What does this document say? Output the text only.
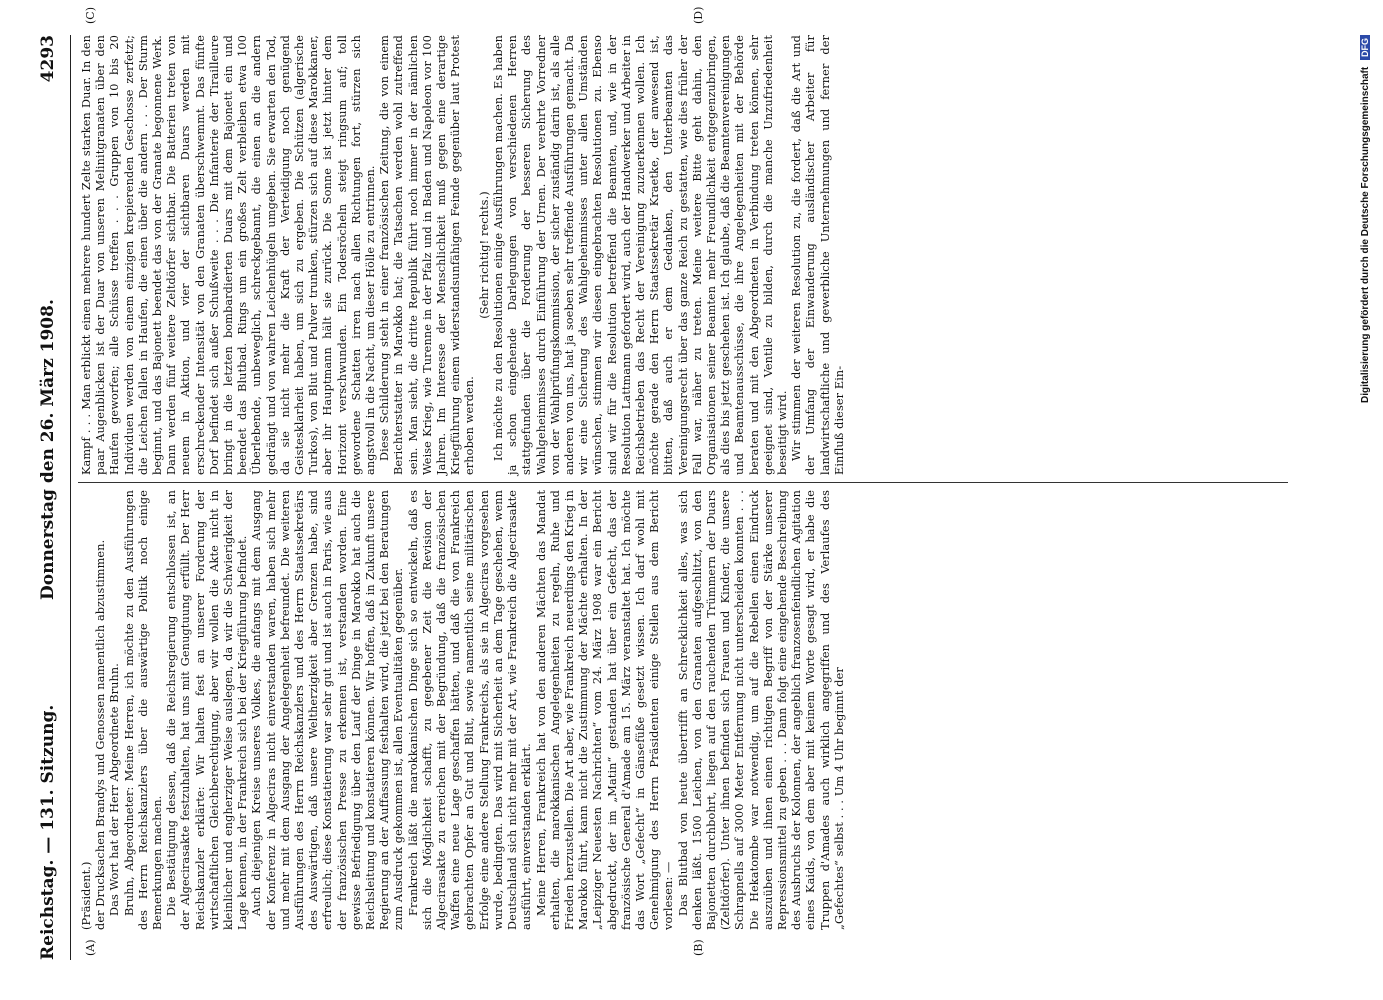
Reichstag. — 131. Sitzung.
Donnerstag den 26. März 1908.
4293
(A)	(B)
(C)	(D)

(Präsident.) der Drucksachen Brandys und Genossen namentlich abzustimmen. Das Wort hat der Herr Abgeordnete Bruhn. Bruhn, Abgeordneter: Meine Herren, ich möchte zu den Ausführungen des Herrn Reichskanzlers über die auswärtige Politik noch einige Bemerkungen machen. Die Bestätigung dessen, daß die Reichsregierung entschlossen ist, an der Algecirasakte festzuhalten, hat uns mit Genugtuung erfüllt. Der Herr Reichskanzler erklärte: Wir halten fest an unserer Forderung der wirtschaftlichen Gleichberechtigung, aber wir wollen die Akte nicht in kleinlicher und engherziger Weise auslegen, da wir die Schwierigkeit der Lage kennen, in der Frankreich sich bei der Kriegführung befindet. Auch diejenigen Kreise unseres Volkes, die anfangs mit dem Ausgang der Konferenz in Algeciras nicht einverstanden waren, haben sich mehr und mehr mit dem Ausgang der Angelegenheit befreundet. Die weiteren Ausführungen des Herrn Reichskanzlers und des Herrn Staatssekretärs des Auswärtigen, daß unsere Weltherzigkeit aber Grenzen habe, sind erfreulich; diese Konstatierung war sehr gut und ist auch in Paris, wie aus der französischen Presse zu erkennen ist, verstanden worden. Eine gewisse Befriedigung über den Lauf der Dinge in Marokko hat auch die Reichsleitung und konstatieren können. Wir hoffen, daß in Zukunft unsere Regierung an der Auffassung festhalten wird, die jetzt bei den Beratungen zum Ausdruck gekommen ist, allen Eventualitäten gegenüber. Frankreich läßt die marokkanischen Dinge sich so entwickeln, daß es sich die Möglichkeit schafft, zu gegebener Zeit die Revision der Algecirasakte zu erreichen mit der Begründung, daß die französischen Waffen eine neue Lage geschaffen hätten, und daß die von Frankreich gebrachten Opfer an Gut und Blut, sowie namentlich seine militärischen Erfolge eine andere Stellung Frankreichs, als sie in Algeciras vorgesehen wurde, bedingten. Das wird mit Sicherheit an dem Tage geschehen, wenn Deutschland sich nicht mehr mit der Art, wie Frankreich die Algecirasakte ausführt, einverstanden erklärt. Meine Herren, Frankreich hat von den anderen Mächten das Mandat erhalten, die marokkanischen Angelegenheiten zu regeln, Ruhe und Frieden herzustellen. Die Art aber, wie Frankreich neuerdings den Krieg in Marokko führt, kann nicht die Zustimmung der Mächte erhalten. In der „Leipziger Neuesten Nachrichten“ vom 24. März 1908 war ein Bericht abgedruckt, der im „Matin“ gestanden hat über ein Gefecht, das der französische General d'Amade am 15. März veranstaltet hat. Ich möchte das Wort „Gefecht“ in Gänsefüße gesetzt wissen. Ich darf wohl mit Genehmigung des Herrn Präsidenten einige Stellen aus dem Bericht vorlesen: — Das Blutbad von heute übertrifft an Schrecklichkeit alles, was sich denken läßt. 1500 Leichen, von den Granaten aufgeschlitzt, von den Bajonetten durchbohrt, liegen auf den rauchenden Trümmern der Duars (Zeltdörfer). Unter ihnen befinden sich Frauen und Kinder, die unsere Schrapnells auf 3000 Meter Entfernung nicht unterscheiden konnten . . . Die Hekatombe war notwendig, um auf die Rebellen einen Eindruck auszuüben und ihnen einen richtigen Begriff von der Stärke unserer Repressionsmittel zu geben . . . Dann folgt eine eingehende Beschreibung des Ausbruchs der Kolonnen, der angeblich franzosenfeindlichen Agitation eines Kaids, von dem aber mit keinem Worte gesagt wird, er habe die Truppen d'Amades auch wirklich angegriffen und des Verlaufes des „Gefechtes“ selbst . . . Um 4 Uhr beginnt der

Kampf . . . Man erblickt einen mehrere hundert Zelte starken Duar. In den paar Augenblicken ist der Duar von unseren Melinitgranaten über den Haufen geworfen; alle Schüsse treffen . . . Gruppen von 10 bis 20 Individuen werden von einem einzigen krepierenden Geschosse zerfetzt; die Leichen fallen in Haufen, die einen über die andern . . . Der Sturm beginnt, und das Bajonett beendet das von der Granate begonnene Werk. Dann werden fünf weitere Zeltdörfer sichtbar. Die Batterien treten von neuem in Aktion, und vier der sichtbaren Duars werden mit erschreckender Intensität von den Granaten überschwemmt. Das fünfte Dorf befindet sich außer Schußweite . . . Die Infanterie der Tirailleure bringt in die letzten bombardierten Duars mit dem Bajonett ein und beendet das Blutbad. Rings um ein großes Zelt verbleiben etwa 100 Überlebende, unbeweglich, schreckgebannt, die einen an die andern gedrängt und von wahren Leichenhügeln umgeben. Sie erwarten den Tod, da sie nicht mehr die Kraft der Verteidigung noch genügend Geistesklarheit haben, um sich zu ergeben. Die Schützen (algerische Turkos), von Blut und Pulver trunken, stürzen sich auf diese Marokkaner, aber ihr Hauptmann hält sie zurück. Die Sonne ist jetzt hinter dem Horizont verschwunden. Ein Todesröcheln steigt ringsum auf; toll gewordene Schatten irren nach allen Richtungen fort, stürzen sich angstvoll in die Nacht, um dieser Hölle zu entrinnen. Diese Schilderung steht in einer französischen Zeitung, die von einem Berichterstatter in Marokko hat; die Tatsachen werden wohl zutreffend sein. Man sieht, die dritte Republik führt noch immer in der nämlichen Weise Krieg, wie Turenne in der Pfalz und in Baden und Napoleon vor 100 Jahren. Im Interesse der Menschlichkeit muß gegen eine derartige Kriegführung einem widerstandsunfähigen Feinde gegenüber laut Protest erhoben werden.

(Sehr richtig! rechts.) Ich möchte zu den Resolutionen einige Ausführungen machen. Es haben ja schon eingehende Darlegungen von verschiedenen Herren stattgefunden über die Forderung der besseren Sicherung des Wahlgeheimnisses durch Einführung der Urnen. Der verehrte Vorredner von der Wahlprüfungskommission, der sicher zuständig darin ist, als alle anderen von uns, hat ja soeben sehr treffende Ausführungen gemacht. Da wir eine Sicherung des Wahlgeheimnisses unter allen Umständen wünschen, stimmen wir diesen eingebrachten Resolutionen zu. Ebenso sind wir für die Resolution betreffend die Beamten, und, wie in der Resolution Lattmann gefordert wird, auch der Handwerker und Arbeiter in Reichsbetrieben das Recht der Vereinigung zuzuerkennen wollen. Ich möchte gerade den Herrn Staatssekretär Kraetke, der anwesend ist, bitten, daß auch er dem Gedanken, den Unterbeamten das Vereinigungsrecht über das ganze Reich zu gestatten, wie dies früher der Fall war, näher zu treten. Meine weitere Bitte geht dahin, den Organisationen seiner Beamten mehr Freundlichkeit entgegenzubringen, als dies bis jetzt geschehen ist. Ich glaube, daß die Beamtenvereinigungen und Beamtenausschüsse, die ihre Angelegenheiten mit der Behörde beraten und mit den Abgeordneten in Verbindung treten können, sehr geeignet sind, Ventile zu bilden, durch die manche Unzufriedenheit beseitigt wird. Wir stimmen der weiteren Resolution zu, die fordert, daß die Art und der Umfang der Einwanderung ausländischer Arbeiter für landwirtschaftliche und gewerbliche Unternehmungen und ferner der Einfluß dieser Ein-

Digitalisierung gefördert durch die Deutsche Forschungsgemeinschaft DFG
